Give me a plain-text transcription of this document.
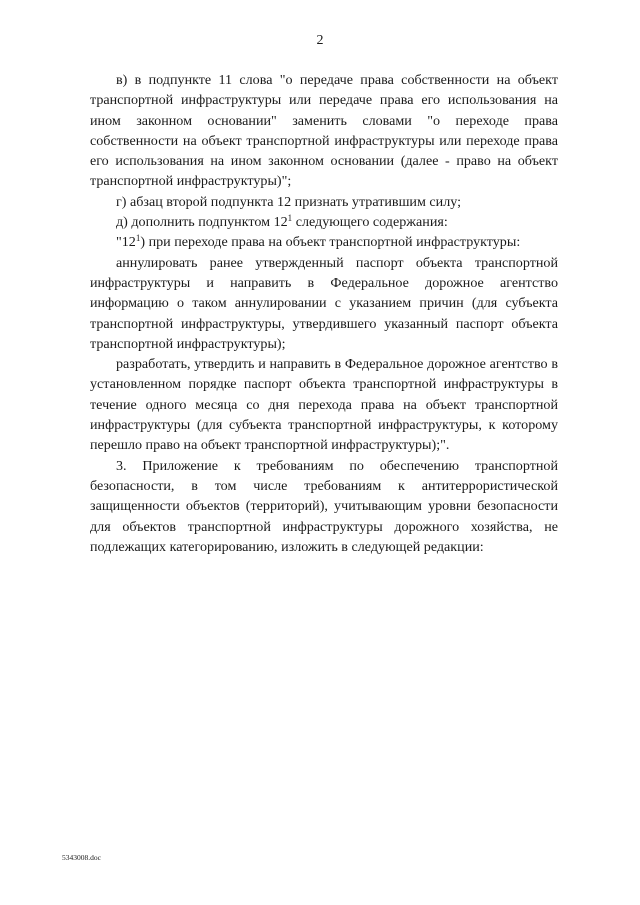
2

в) в подпункте 11 слова "о передаче права собственности на объект транспортной инфраструктуры или передаче права его использования на ином законном основании" заменить словами "о переходе права собственности на объект транспортной инфраструктуры или переходе права его использования на ином законном основании (далее - право на объект транспортной инфраструктуры)";

г) абзац второй подпункта 12 признать утратившим силу;

д) дополнить подпунктом $12^1$ следующего содержания:

"$12^1$) при переходе права на объект транспортной инфраструктуры:

аннулировать ранее утвержденный паспорт объекта транспортной инфраструктуры и направить в Федеральное дорожное агентство информацию о таком аннулировании с указанием причин (для субъекта транспортной инфраструктуры, утвердившего указанный паспорт объекта транспортной инфраструктуры);

разработать, утвердить и направить в Федеральное дорожное агентство в установленном порядке паспорт объекта транспортной инфраструктуры в течение одного месяца со дня перехода права на объект транспортной инфраструктуры (для субъекта транспортной инфраструктуры, к которому перешло право на объект транспортной инфраструктуры);".

3. Приложение к требованиям по обеспечению транспортной безопасности, в том числе требованиям к антитеррористической защищенности объектов (территорий), учитывающим уровни безопасности для объектов транспортной инфраструктуры дорожного хозяйства, не подлежащих категорированию, изложить в следующей редакции:

5343008.doc
